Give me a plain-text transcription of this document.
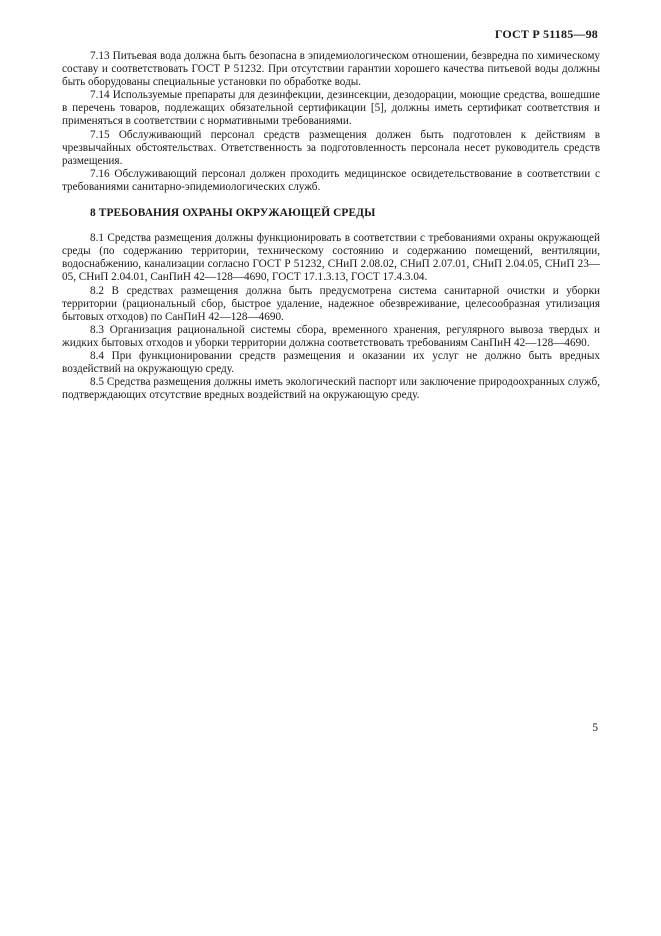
ГОСТ Р 51185—98

7.13 Питьевая вода должна быть безопасна в эпидемиологическом отношении, безвредна по химическому составу и соответствовать ГОСТ Р 51232. При отсутствии гарантии хорошего качества питьевой воды должны быть оборудованы специальные установки по обработке воды.

7.14 Используемые препараты для дезинфекции, дезинсекции, дезодорации, моющие средства, вошедшие в перечень товаров, подлежащих обязательной сертификации [5], должны иметь сертификат соответствия и применяться в соответствии с нормативными требованиями.

7.15 Обслуживающий персонал средств размещения должен быть подготовлен к действиям в чрезвычайных обстоятельствах. Ответственность за подготовленность персонала несет руководитель средств размещения.

7.16 Обслуживающий персонал должен проходить медицинское освидетельствование в соответствии с требованиями санитарно-эпидемиологических служб.

8 ТРЕБОВАНИЯ ОХРАНЫ ОКРУЖАЮЩЕЙ СРЕДЫ

8.1 Средства размещения должны функционировать в соответствии с требованиями охраны окружающей среды (по содержанию территории, техническому состоянию и содержанию помещений, вентиляции, водоснабжению, канализации согласно ГОСТ Р 51232, СНиП 2.08.02, СНиП 2.07.01, СНиП 2.04.05, СНиП 23—05, СНиП 2.04.01, СанПиН 42—128—4690, ГОСТ 17.1.3.13, ГОСТ 17.4.3.04.

8.2 В средствах размещения должна быть предусмотрена система санитарной очистки и уборки территории (рациональный сбор, быстрое удаление, надежное обезвреживание, целесообразная утилизация бытовых отходов) по СанПиН 42—128—4690.

8.3 Организация рациональной системы сбора, временного хранения, регулярного вывоза твердых и жидких бытовых отходов и уборки территории должна соответствовать требованиям СанПиН 42—128—4690.

8.4 При функционировании средств размещения и оказании их услуг не должно быть вредных воздействий на окружающую среду.

8.5 Средства размещения должны иметь экологический паспорт или заключение природоохранных служб, подтверждающих отсутствие вредных воздействий на окружающую среду.

5
